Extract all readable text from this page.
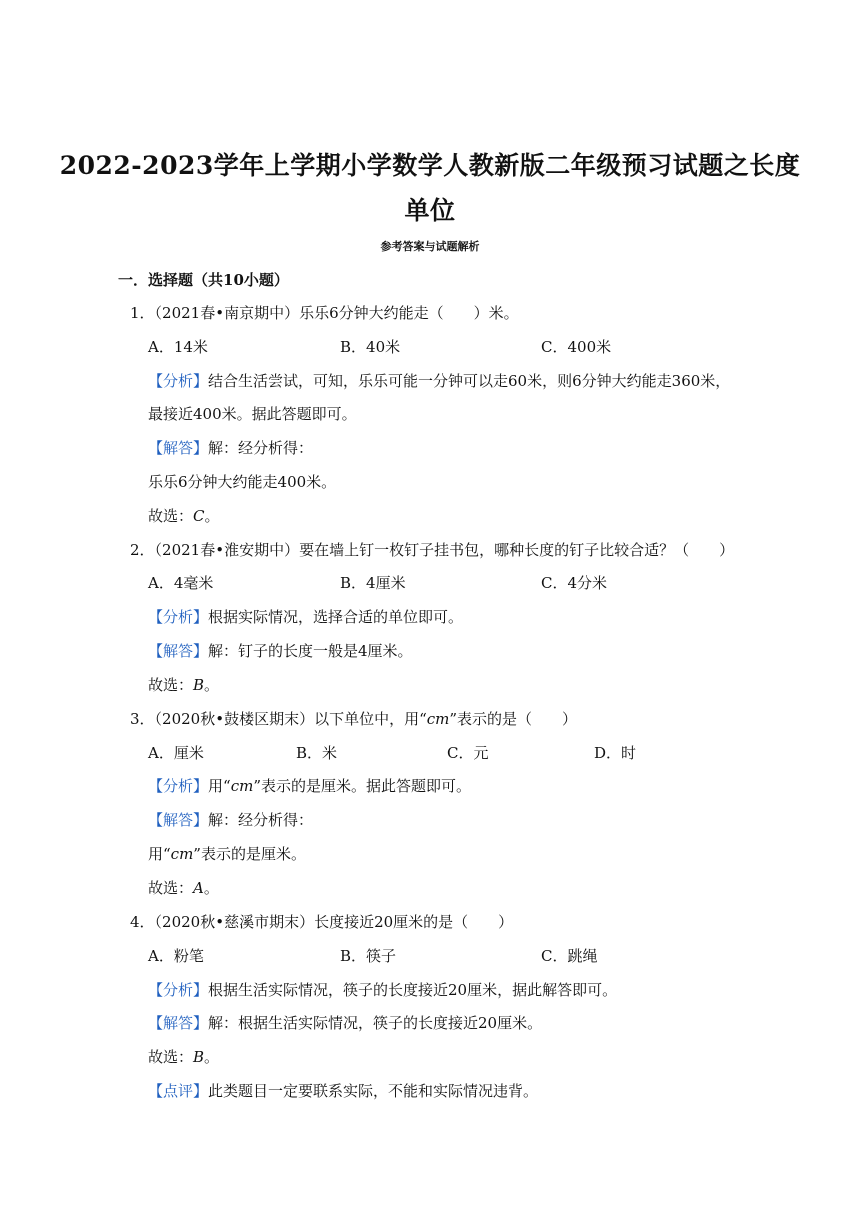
2022-2023学年上学期小学数学人教新版二年级预习试题之长度
单位
参考答案与试题解析
一．选择题（共10小题）
1．（2021春•南京期中）乐乐6分钟大约能走（　　）米。
A．14米	B．40米	C．400米
【分析】结合生活尝试，可知，乐乐可能一分钟可以走60米，则6分钟大约能走360米，
最接近400米。据此答题即可。
【解答】解：经分析得：
乐乐6分钟大约能走400米。
故选：C。
2．（2021春•淮安期中）要在墙上钉一枚钉子挂书包，哪种长度的钉子比较合适？（　　）
A．4毫米	B．4厘米	C．4分米
【分析】根据实际情况，选择合适的单位即可。
【解答】解：钉子的长度一般是4厘米。
故选：B。
3．（2020秋•鼓楼区期末）以下单位中，用“cm”表示的是（　　）
A．厘米	B．米	C．元	D．时
【分析】用“cm”表示的是厘米。据此答题即可。
【解答】解：经分析得：
用“cm”表示的是厘米。
故选：A。
4．（2020秋•慈溪市期末）长度接近20厘米的是（　　）
A．粉笔	B．筷子	C．跳绳
【分析】根据生活实际情况，筷子的长度接近20厘米，据此解答即可。
【解答】解：根据生活实际情况，筷子的长度接近20厘米。
故选：B。
【点评】此类题目一定要联系实际，不能和实际情况违背。
